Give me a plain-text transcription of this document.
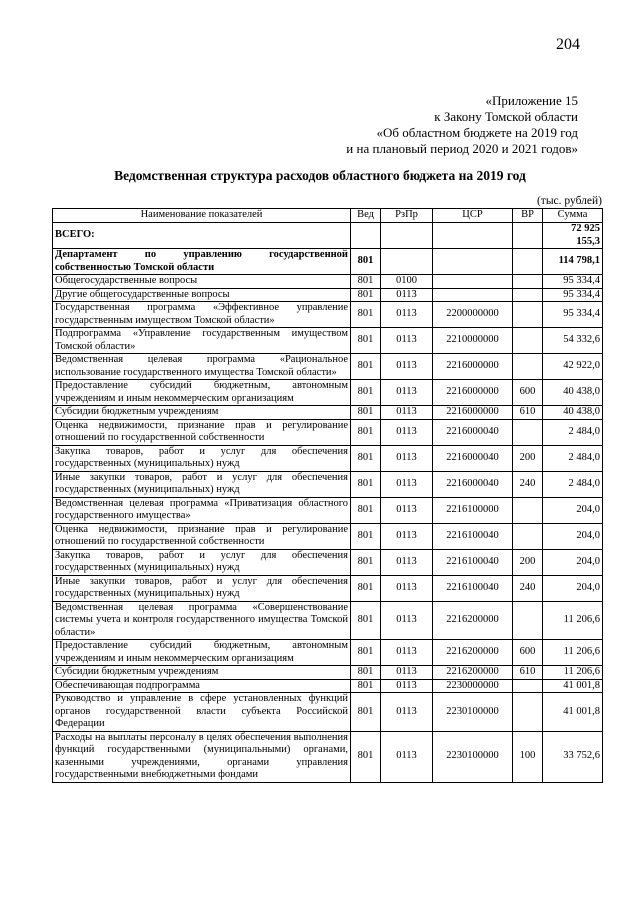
204
«Приложение 15
к Закону Томской области
«Об областном бюджете на 2019 год
и на плановый период 2020 и 2021 годов»
Ведомственная структура расходов областного бюджета на 2019 год
(тыс. рублей)
Наименование показателей	Вед	РзПр	ЦСР	ВР	Сумма
ВСЕГО:					72 925 155,3
Департамент по управлению государственной собственностью Томской области	801				114 798,1
Общегосударственные вопросы	801	0100			95 334,4
Другие общегосударственные вопросы	801	0113			95 334,4
Государственная программа «Эффективное управление государственным имуществом Томской области»	801	0113	2200000000		95 334,4
Подпрограмма «Управление государственным имуществом Томской области»	801	0113	2210000000		54 332,6
Ведомственная целевая программа «Рациональное использование государственного имущества Томской области»	801	0113	2216000000		42 922,0
Предоставление субсидий бюджетным, автономным учреждениям и иным некоммерческим организациям	801	0113	2216000000	600	40 438,0
Субсидии бюджетным учреждениям	801	0113	2216000000	610	40 438,0
Оценка недвижимости, признание прав и регулирование отношений по государственной собственности	801	0113	2216000040		2 484,0
Закупка товаров, работ и услуг для обеспечения государственных (муниципальных) нужд	801	0113	2216000040	200	2 484,0
Иные закупки товаров, работ и услуг для обеспечения государственных (муниципальных) нужд	801	0113	2216000040	240	2 484,0
Ведомственная целевая программа «Приватизация областного государственного имущества»	801	0113	2216100000		204,0
Оценка недвижимости, признание прав и регулирование отношений по государственной собственности	801	0113	2216100040		204,0
Закупка товаров, работ и услуг для обеспечения государственных (муниципальных) нужд	801	0113	2216100040	200	204,0
Иные закупки товаров, работ и услуг для обеспечения государственных (муниципальных) нужд	801	0113	2216100040	240	204,0
Ведомственная целевая программа «Совершенствование системы учета и контроля государственного имущества Томской области»	801	0113	2216200000		11 206,6
Предоставление субсидий бюджетным, автономным учреждениям и иным некоммерческим организациям	801	0113	2216200000	600	11 206,6
Субсидии бюджетным учреждениям	801	0113	2216200000	610	11 206,6
Обеспечивающая подпрограмма	801	0113	2230000000		41 001,8
Руководство и управление в сфере установленных функций органов государственной власти субъекта Российской Федерации	801	0113	2230100000		41 001,8
Расходы на выплаты персоналу в целях обеспечения выполнения функций государственными (муниципальными) органами, казенными учреждениями, органами управления государственными внебюджетными фондами	801	0113	2230100000	100	33 752,6
